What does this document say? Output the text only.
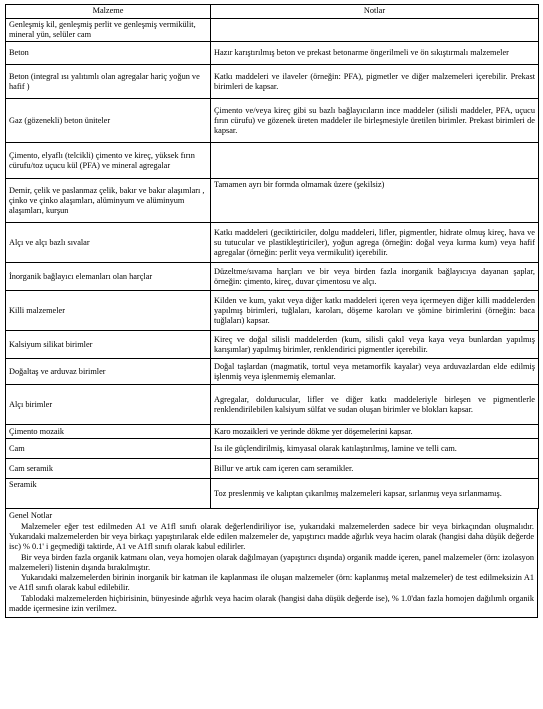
Malzeme	Notlar
Genleşmiş kil, genleşmiş perlit ve genleşmiş vermikülit, mineral yün, selüler cam	
Beton	Hazır karıştırılmış beton ve prekast betonarme öngerilmeli ve ön sıkıştırmalı malzemeler
Beton (integral ısı yalıtımlı olan agregalar hariç yoğun ve hafif )	Katkı maddeleri ve ilaveler (örneğin: PFA), pigmetler ve diğer malzemeleri içerebilir. Prekast birimleri de kapsar.
Gaz (gözenekli) beton üniteler	Çimento ve/veya kireç gibi su bazlı bağlayıcıların ince maddeler (silisli maddeler, PFA, uçucu fırın cürufu) ve gözenek üreten maddeler ile birleşmesiyle üretilen birimler. Prekast birimleri de kapsar.
Çimento, elyaflı (telcikli) çimento ve kireç, yüksek fırın cürufu/toz uçucu kül (PFA) ve mineral agregalar	
Demir, çelik ve paslanmaz çelik, bakır ve bakır alaşımları , çinko ve çinko alaşımları, alüminyum ve alüminyum alaşımları, kurşun	Tamamen ayrı bir formda olmamak üzere (şekilsiz)
Alçı ve alçı bazlı sıvalar	Katkı maddeleri (geciktiriciler, dolgu maddeleri, lifler, pigmentler, hidrate olmuş kireç, hava ve su tutucular ve plastikleştiriciler), yoğun agrega (örneğin: doğal veya kırma kum) veya hafif agregalar (örneğin: perlit veya vermikulit) içerebilir.
İnorganik bağlayıcı elemanları olan harçlar	Düzeltme/sıvama harçları ve bir veya birden fazla inorganik bağlayıcıya dayanan şaplar, örneğin: çimento, kireç, duvar çimentosu ve alçı.
Killi malzemeler	Kilden ve kum, yakıt veya diğer katkı maddeleri içeren veya içermeyen diğer killi maddelerden yapılmış birimleri, tuğlaları, karoları, döşeme karoları ve şömine birimlerini (örneğin: baca tuğlaları) kapsar.
Kalsiyum silikat birimler	Kireç ve doğal silisli maddelerden (kum, silisli çakıl veya kaya veya bunlardan yapılmış karışımlar) yapılmış birimler, renklendirici pigmentler içerebilir.
Doğaltaş ve arduvaz birimler	Doğal taşlardan (magmatik, tortul veya metamorfik kayalar) veya arduvazlardan elde edilmiş işlenmiş veya işlenmemiş elemanlar.
Alçı birimler	Agregalar, doldurucular, lifler ve diğer katkı maddeleriyle birleşen ve pigmentlerle renklendirilebilen kalsiyum sülfat ve sudan oluşan birimler ve blokları kapsar.
Çimento mozaik	Karo mozaikleri ve yerinde dökme yer döşemelerini kapsar.
Cam	Isı ile güçlendirilmiş, kimyasal olarak katılaştırılmış, lamine ve telli cam.
Cam seramik	Billur ve artık cam içeren cam seramikler.
Seramik	Toz preslenmiş ve kalıptan çıkarılmış malzemeleri kapsar, sırlanmış veya sırlanmamış.
Genel Notlar

Malzemeler eğer test edilmeden A1 ve A1fl sınıfı olarak değerlendiriliyor ise, yukarıdaki malzemelerden sadece bir veya birkaçından oluşmalıdır. Yukarıdaki malzemelerden bir veya birkaçı yapıştırılarak elde edilen malzemeler de, yapıştırıcı madde ağırlık veya hacim olarak (hangisi daha düşük değerde isc) % 0.1' i geçmediği taktirde, A1 ve A1fl sınıfı olarak kabul edilirler.

Bir veya birden fazla organik katmanı olan, veya homojen olarak dağılmayan (yapıştırıcı dışında) organik madde içeren, panel malzemeler (örn: izolasyon malzemeleri) listenin dışında bırakılmıştır.

Yukarıdaki malzemelerden birinin inorganik bir katman ile kaplanması ile oluşan malzemeler (örn: kaplanmış metal malzemeler) de test edilmeksizin A1 ve A1fl sınıfı olarak kabul edilebilir.

Tablodaki malzemelerden hiçbirisinin, bünyesinde ağırlık veya hacim olarak (hangisi daha düşük değerde ise), % 1.0'dan fazla homojen dağılımlı organik madde içermesine izin verilmez.
